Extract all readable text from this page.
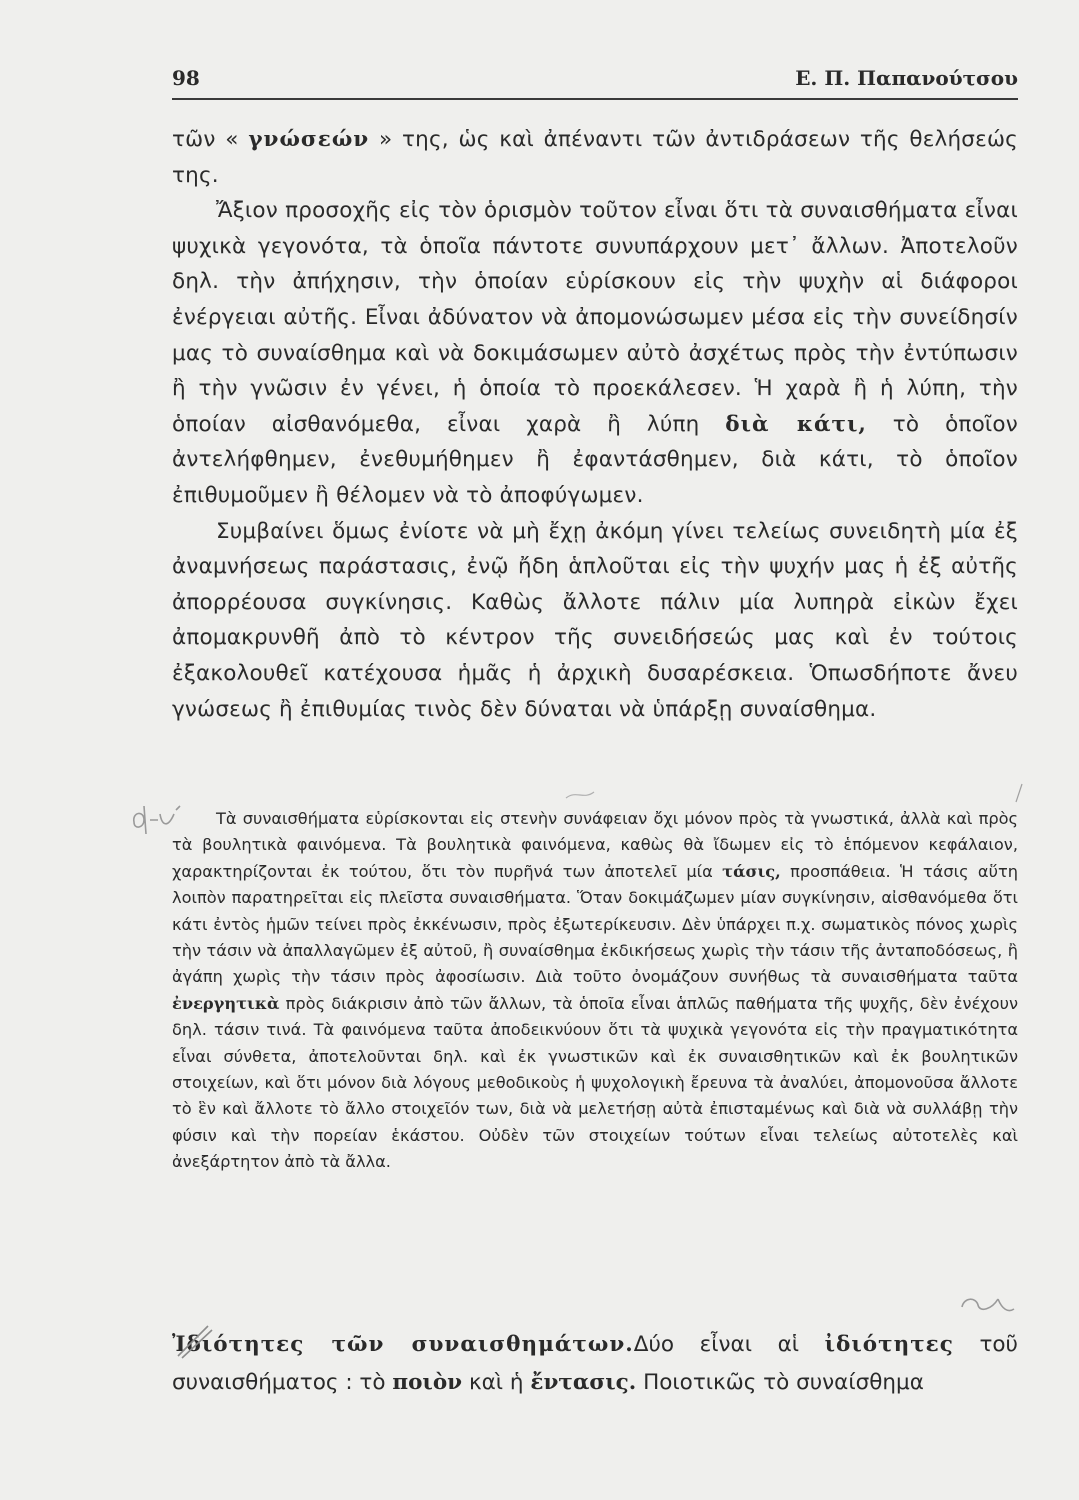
98	Ε. Π. Παπανούτσου

τῶν « γνώσεών » της, ὡς καὶ ἀπέναντι τῶν ἀντιδράσεων τῆς θελήσεώς της.

Ἄξιον προσοχῆς εἰς τὸν ὁρισμὸν τοῦτον εἶναι ὅτι τὰ συναισθήματα εἶναι ψυχικὰ γεγονότα, τὰ ὁποῖα πάντοτε συνυπάρχουν μετ᾿ ἄλλων. Ἀποτελοῦν δηλ. τὴν ἀπήχησιν, τὴν ὁποίαν εὑρίσκουν εἰς τὴν ψυχὴν αἱ διάφοροι ἐνέργειαι αὐτῆς. Εἶναι ἀδύνατον νὰ ἀπομονώσωμεν μέσα εἰς τὴν συνείδησίν μας τὸ συναίσθημα καὶ νὰ δοκιμάσωμεν αὐτὸ ἀσχέτως πρὸς τὴν ἐντύπωσιν ἢ τὴν γνῶσιν ἐν γένει, ἡ ὁποία τὸ προεκάλεσεν. Ἡ χαρὰ ἢ ἡ λύπη, τὴν ὁποίαν αἰσθανόμεθα, εἶναι χαρὰ ἢ λύπη διὰ κάτι, τὸ ὁποῖον ἀντελήφθημεν, ἐνεθυμήθημεν ἢ ἐφαντάσθημεν, διὰ κάτι, τὸ ὁποῖον ἐπιθυμοῦμεν ἢ θέλομεν νὰ τὸ ἀποφύγωμεν.

Συμβαίνει ὅμως ἐνίοτε νὰ μὴ ἔχῃ ἀκόμη γίνει τελείως συνειδητὴ μία ἐξ ἀναμνήσεως παράστασις, ἐνῷ ἤδη ἁπλοῦται εἰς τὴν ψυχήν μας ἡ ἐξ αὐτῆς ἀπορρέουσα συγκίνησις. Καθὼς ἄλλοτε πάλιν μία λυπηρὰ εἰκὼν ἔχει ἀπομακρυνθῆ ἀπὸ τὸ κέντρον τῆς συνειδήσεώς μας καὶ ἐν τούτοις ἐξακολουθεῖ κατέχουσα ἡμᾶς ἡ ἀρχικὴ δυσαρέσκεια. Ὁπωσδήποτε ἄνευ γνώσεως ἢ ἐπιθυμίας τινὸς δὲν δύναται νὰ ὑπάρξῃ συναίσθημα.

Τὰ συναισθήματα εὑρίσκονται εἰς στενὴν συνάφειαν ὄχι μόνον πρὸς τὰ γνωστικά, ἀλλὰ καὶ πρὸς τὰ βουλητικὰ φαινόμενα. Τὰ βουλητικὰ φαινόμενα, καθὼς θὰ ἴδωμεν εἰς τὸ ἑπόμενον κεφάλαιον, χαρακτηρίζονται ἐκ τούτου, ὅτι τὸν πυρῆνά των ἀποτελεῖ μία τάσις, προσπάθεια. Ἡ τάσις αὕτη λοιπὸν παρατηρεῖται εἰς πλεῖστα συναισθήματα. Ὅταν δοκιμάζωμεν μίαν συγκίνησιν, αἰσθανόμεθα ὅτι κάτι ἐντὸς ἡμῶν τείνει πρὸς ἐκκένωσιν, πρὸς ἐξωτερίκευσιν. Δὲν ὑπάρχει π.χ. σωματικὸς πόνος χωρὶς τὴν τάσιν νὰ ἀπαλλαγῶμεν ἐξ αὐτοῦ, ἢ συναίσθημα ἐκδικήσεως χωρὶς τὴν τάσιν τῆς ἀνταποδόσεως, ἢ ἀγάπη χωρὶς τὴν τάσιν πρὸς ἀφοσίωσιν. Διὰ τοῦτο ὀνομάζουν συνήθως τὰ συναισθήματα ταῦτα ἐνεργητικὰ πρὸς διάκρισιν ἀπὸ τῶν ἄλλων, τὰ ὁποῖα εἶναι ἁπλῶς παθήματα τῆς ψυχῆς, δὲν ἐνέχουν δηλ. τάσιν τινά. Τὰ φαινόμενα ταῦτα ἀποδεικνύουν ὅτι τὰ ψυχικὰ γεγονότα εἰς τὴν πραγματικότητα εἶναι σύνθετα, ἀποτελοῦνται δηλ. καὶ ἐκ γνωστικῶν καὶ ἐκ συναισθητικῶν καὶ ἐκ βουλητικῶν στοιχείων, καὶ ὅτι μόνον διὰ λόγους μεθοδικοὺς ἡ ψυχολογικὴ ἔρευνα τὰ ἀναλύει, ἀπομονοῦσα ἄλλοτε τὸ ἓν καὶ ἄλλοτε τὸ ἄλλο στοιχεῖόν των, διὰ νὰ μελετήσῃ αὐτὰ ἐπισταμένως καὶ διὰ νὰ συλλάβῃ τὴν φύσιν καὶ τὴν πορείαν ἑκάστου. Οὐδὲν τῶν στοιχείων τούτων εἶναι τελείως αὐτοτελὲς καὶ ἀνεξάρτητον ἀπὸ τὰ ἄλλα.

Ἰδιότητες τῶν συναισθημάτων.Δύο εἶναι αἱ ἰδιότητες τοῦ συναισθήματος : τὸ ποιὸν καὶ ἡ ἔντασις. Ποιοτικῶς τὸ συναίσθημα
